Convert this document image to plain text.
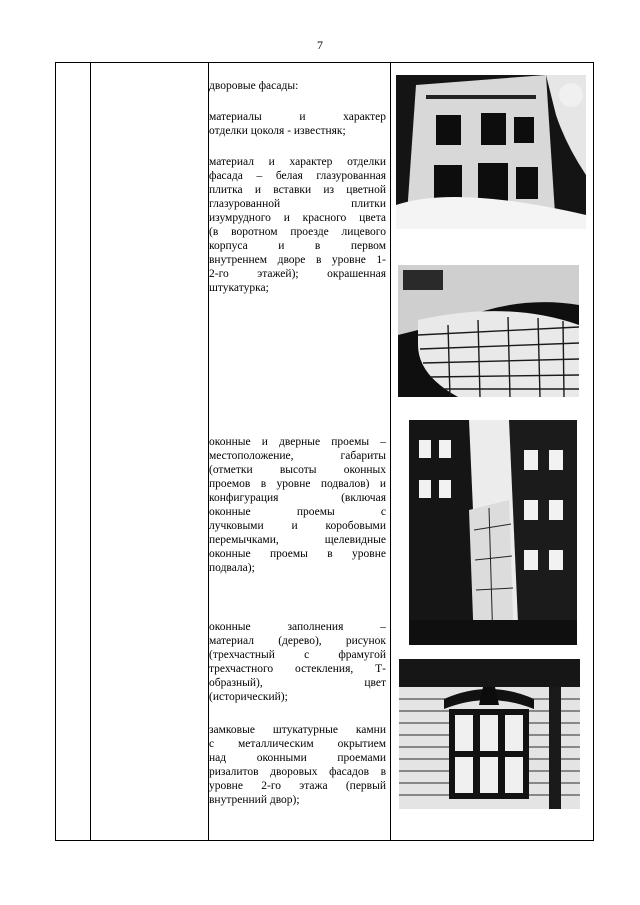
7
дворовые фасады:
материалы и характер
отделки цоколя - известняк;
материал и характер отделки
фасада – белая глазурованная
плитка и вставки из цветной
глазурованной плитки
изумрудного и красного цвета
(в воротном проезде лицевого
корпуса и в первом
внутреннем дворе в уровне 1-
2-го этажей); окрашенная
штукатурка;
оконные и дверные проемы –
местоположение, габариты
(отметки высоты оконных
проемов в уровне подвалов) и
конфигурация (включая
оконные проемы с
лучковыми и коробовыми
перемычками, щелевидные
оконные проемы в уровне
подвала);
оконные заполнения –
материал (дерево), рисунок
(трехчастный с фрамугой
трехчастного остекления, Т-
образный), цвет
(исторический);
замковые штукатурные камни
с металлическим окрытием
над оконными проемами
ризалитов дворовых фасадов в
уровне 2-го этажа (первый
внутренний двор);
